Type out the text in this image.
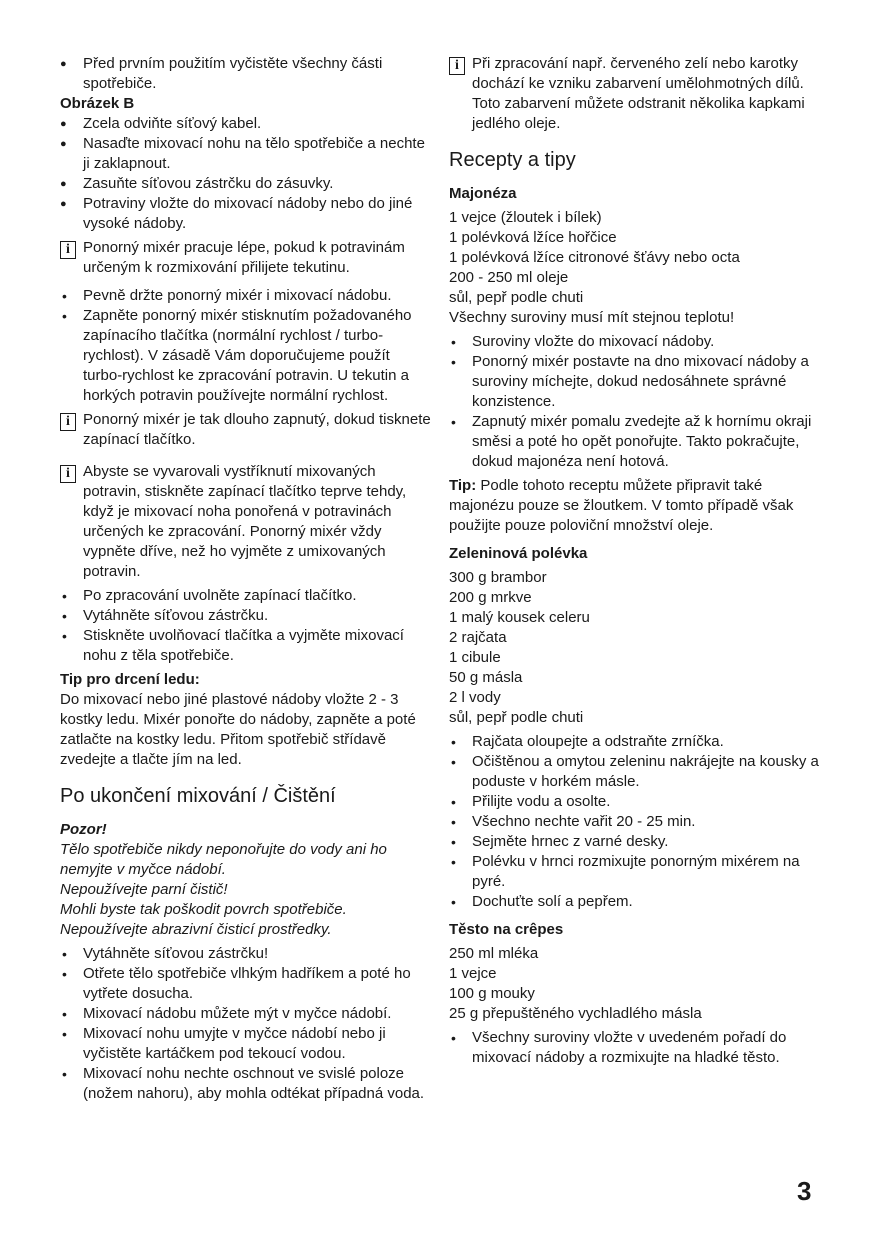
● Před prvním použitím vyčistěte všechny části spotřebiče.

Obrázek B

● Zcela odviňte síťový kabel.
● Nasaďte mixovací nohu na tělo spotřebiče a nechte ji zaklapnout.
● Zasuňte síťovou zástrčku do zásuvky.
● Potraviny vložte do mixovací nádoby nebo do jiné vysoké nádoby.
i Ponorný mixér pracuje lépe, pokud k potravinám určeným k rozmixování přilijete tekutinu.
• Pevně držte ponorný mixér i mixovací nádobu.
• Zapněte ponorný mixér stisknutím požadovaného zapínacího tlačítka (normální rychlost / turbo-rychlost). V zásadě Vám doporučujeme použít turbo-rychlost ke zpracování potravin. U tekutin a horkých potravin používejte normální rychlost.
i Ponorný mixér je tak dlouho zapnutý, dokud tisknete zapínací tlačítko.
i Abyste se vyvarovali vystříknutí mixovaných potravin, stiskněte zapínací tlačítko teprve tehdy, když je mixovací noha ponořená v potravinách určených ke zpracování. Ponorný mixér vždy vypněte dříve, než ho vyjměte z umixovaných potravin.
• Po zpracování uvolněte zapínací tlačítko.
• Vytáhněte síťovou zástrčku.
• Stiskněte uvolňovací tlačítka a vyjměte mixovací nohu z těla spotřebiče.

Tip pro drcení ledu:

Do mixovací nebo jiné plastové nádoby vložte 2 - 3 kostky ledu. Mixér ponořte do nádoby, zapněte a poté zatlačte na kostky ledu. Přitom spotřebič střídavě zvedejte a tlačte jím na led.

Po ukončení mixování / Čištění

Pozor!

Tělo spotřebiče nikdy neponořujte do vody ani ho nemyjte v myčce nádobí.

Nepoužívejte parní čistič!

Mohli byste tak poškodit povrch spotřebiče.

Nepoužívejte abrazivní čisticí prostředky.

• Vytáhněte síťovou zástrčku!
• Otřete tělo spotřebiče vlhkým hadříkem a poté ho vytřete dosucha.
• Mixovací nádobu můžete mýt v myčce nádobí.
• Mixovací nohu umyjte v myčce nádobí nebo ji vyčistěte kartáčkem pod tekoucí vodou.
• Mixovací nohu nechte oschnout ve svislé poloze (nožem nahoru), aby mohla odtékat případná voda.
i Při zpracování např. červeného zelí nebo karotky dochází ke vzniku zabarvení umělohmotných dílů. Toto zabarvení můžete odstranit několika kapkami jedlého oleje.
Recepty a tipy

Majonéza

1 vejce (žloutek i bílek)

1 polévková lžíce hořčice

1 polévková lžíce citronové šťávy nebo octa

200 - 250 ml oleje

sůl, pepř podle chuti

Všechny suroviny musí mít stejnou teplotu!

• Suroviny vložte do mixovací nádoby.
• Ponorný mixér postavte na dno mixovací nádoby a suroviny míchejte, dokud nedosáhnete správné konzistence.
• Zapnutý mixér pomalu zvedejte až k hornímu okraji směsi a poté ho opět ponořujte. Takto pokračujte, dokud majonéza není hotová.

Tip: Podle tohoto receptu můžete připravit také majonézu pouze se žloutkem. V tomto případě však použijte pouze poloviční množství oleje.

Zeleninová polévka

300 g brambor

200 g mrkve

1 malý kousek celeru

2 rajčata

1 cibule

50 g másla

2 l vody

sůl, pepř podle chuti

• Rajčata oloupejte a odstraňte zrníčka.
• Očištěnou a omytou zeleninu nakrájejte na kousky a poduste v horkém másle.
• Přilijte vodu a osolte.
• Všechno nechte vařit 20 - 25 min.
• Sejměte hrnec z varné desky.
• Polévku v hrnci rozmixujte ponorným mixérem na pyré.
• Dochuťte solí a pepřem.

Těsto na crêpes

250 ml mléka

1 vejce

100 g mouky

25 g přepuštěného vychladlého másla

• Všechny suroviny vložte v uvedeném pořadí do mixovací nádoby a rozmixujte na hladké těsto.
3
